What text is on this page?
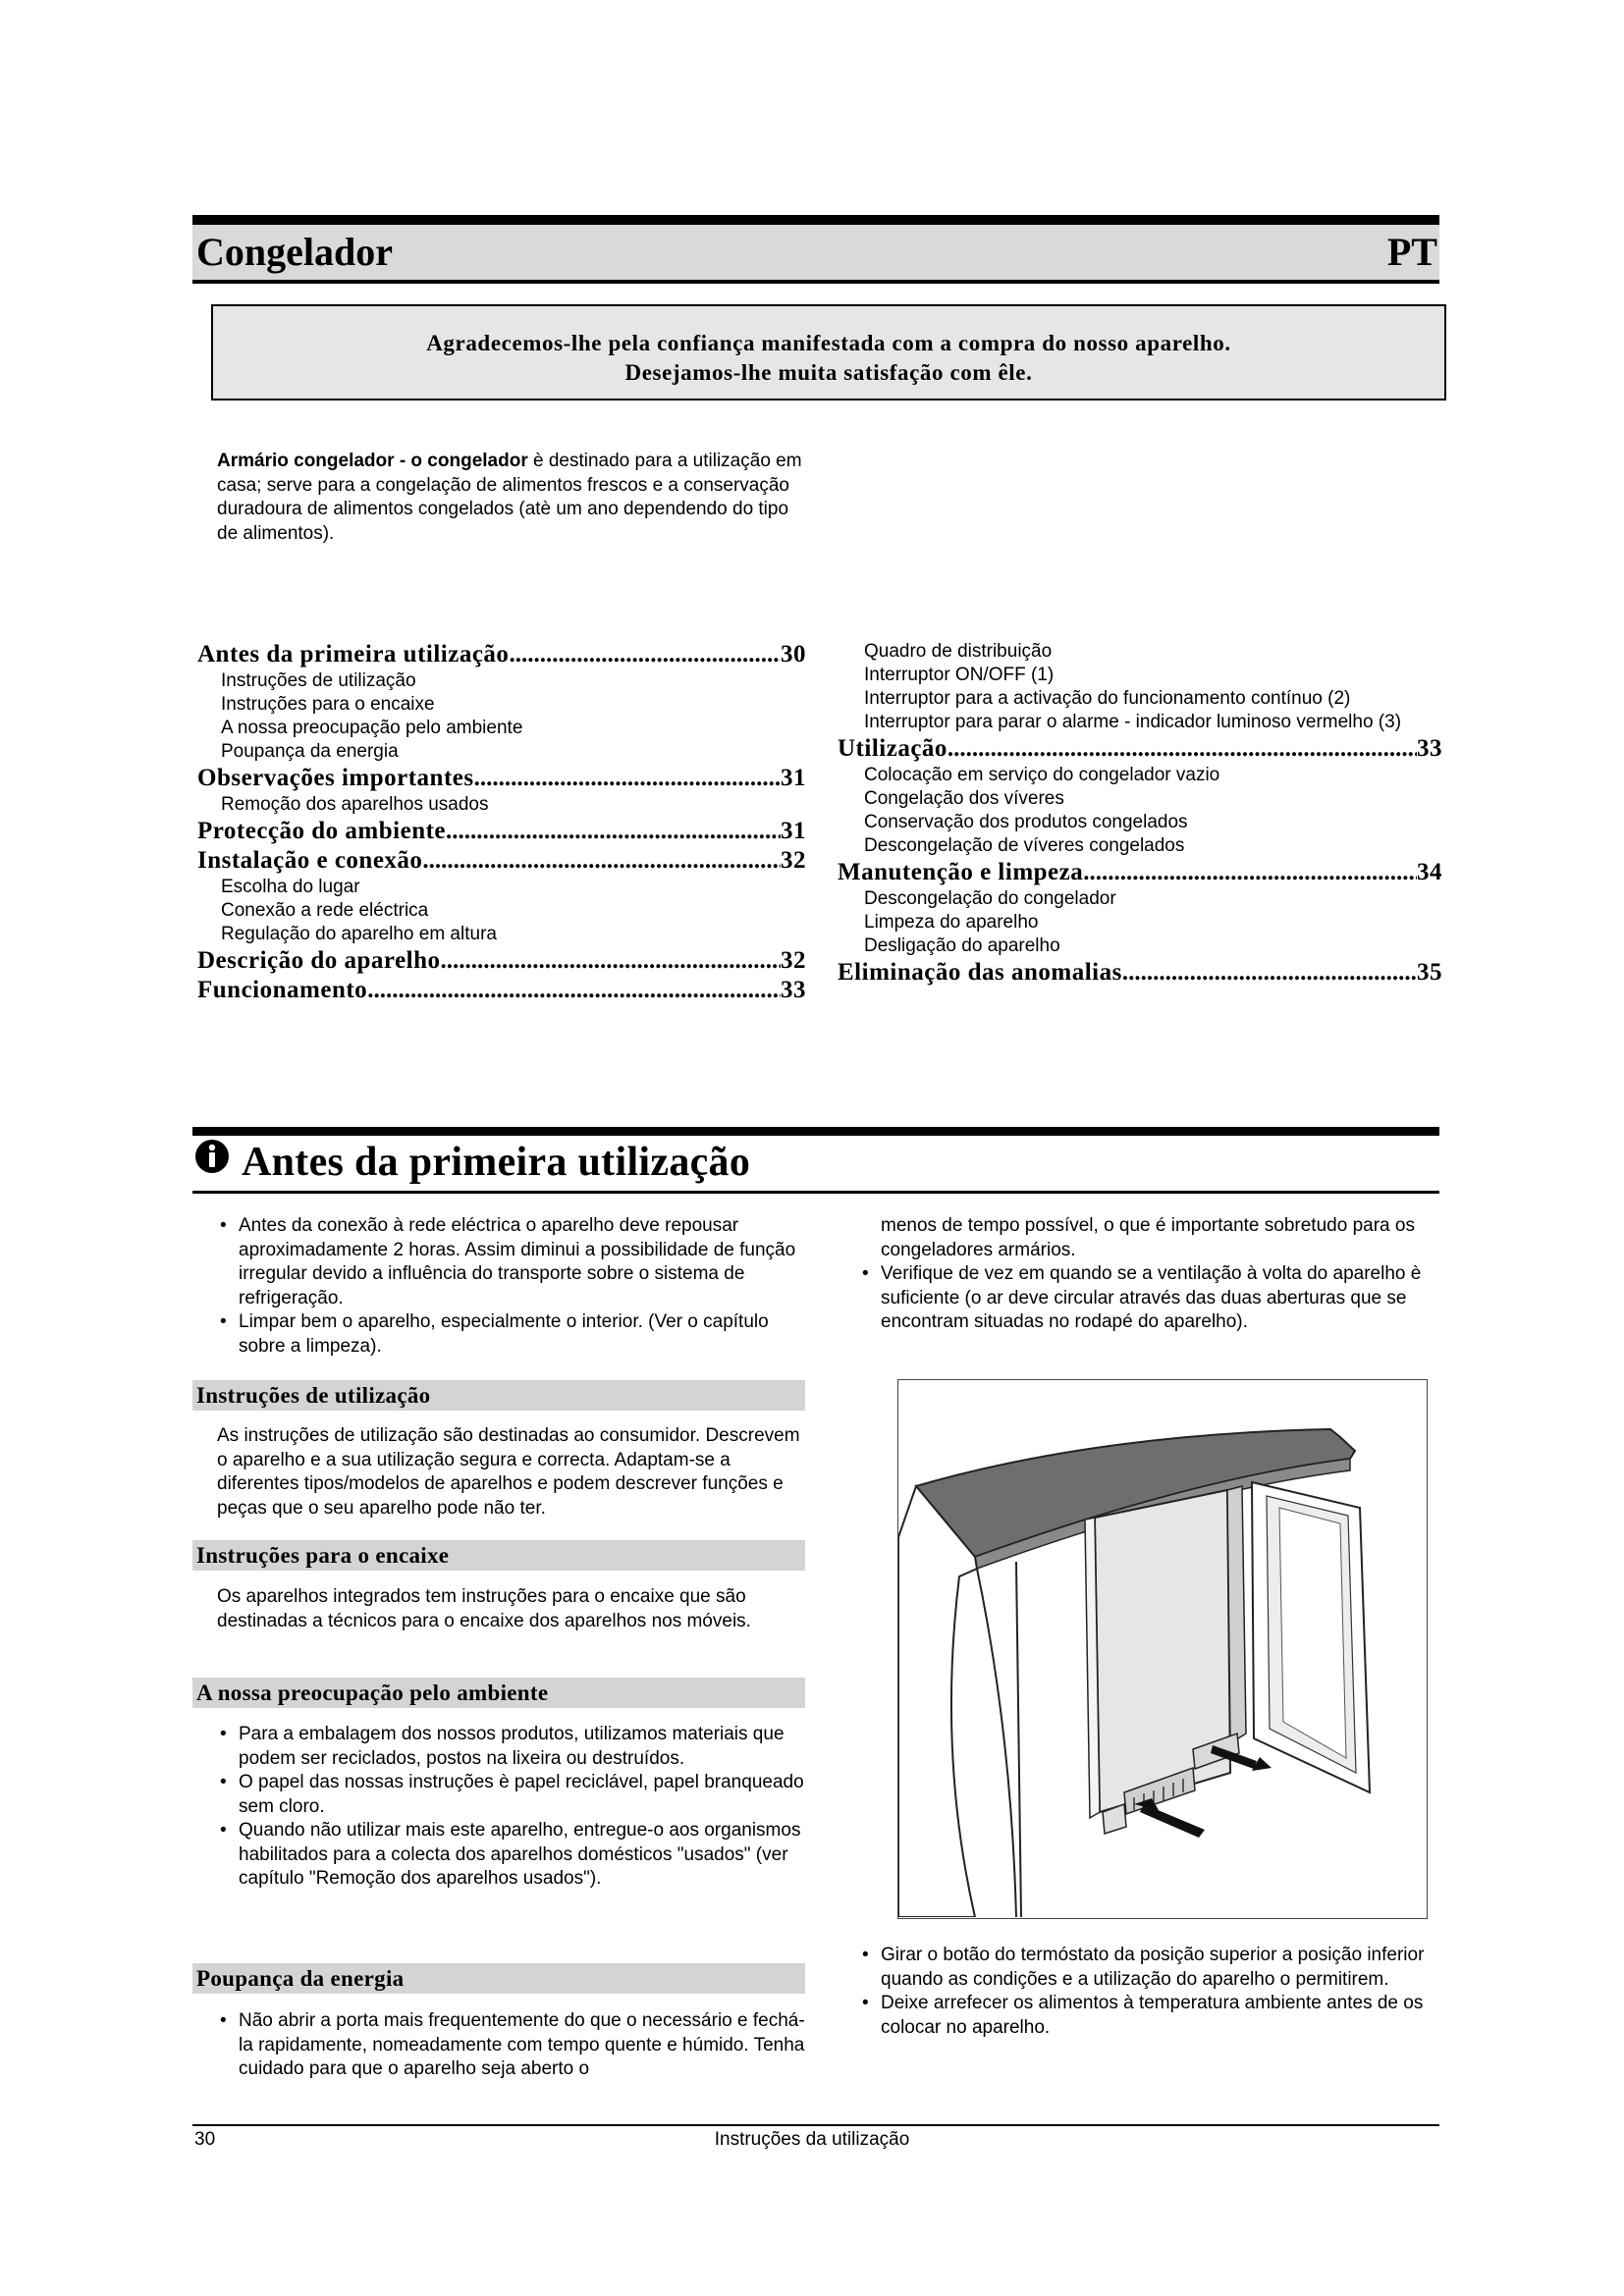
Congelador	PT
Agradecemos-lhe pela confiança manifestada com a compra do nosso aparelho.
Desejamos-lhe muita satisfação com êle.
Armário congelador - o congelador è destinado para a utilização em casa; serve para a congelação de alimentos frescos e a conservação duradoura de alimentos congelados (atè um ano dependendo do tipo de alimentos).
Antes da primeira utilização .....	30
Instruções de utilização
Instruções para o encaixe
A nossa preocupação pelo ambiente
Poupança da energia
Observações importantes .....	31
Remoção dos aparelhos usados
Protecção do ambiente .....	31
Instalação e conexão .....	32
Escolha do lugar
Conexão a rede eléctrica
Regulação do aparelho em altura
Descrição do aparelho .....	32
Funcionamento .....	33
Quadro de distribuição
Interruptor ON/OFF (1)
Interruptor para a activação do funcionamento contínuo (2)
Interruptor para parar o alarme - indicador luminoso vermelho (3)
Utilização .....	33
Colocação em serviço do congelador vazio
Congelação dos víveres
Conservação dos produtos congelados
Descongelação de víveres congelados
Manutenção e limpeza .....	34
Descongelação do congelador
Limpeza do aparelho
Desligação do aparelho
Eliminação das anomalias .....	35
Antes da primeira utilização
• Antes da conexão à rede eléctrica o aparelho deve repousar aproximadamente 2 horas. Assim diminui a possibilidade de função irregular devido a influência do transporte sobre o sistema de refrigeração.
• Limpar bem o aparelho, especialmente o interior. (Ver o capítulo sobre a limpeza).
Instruções de utilização
As instruções de utilização são destinadas ao consumidor. Descrevem o aparelho e a sua utilização segura e correcta. Adaptam-se a diferentes tipos/modelos de aparelhos e podem descrever funções e peças que o seu aparelho pode não ter.
Instruções para o encaixe
Os aparelhos integrados tem instruções para o encaixe que são destinadas a técnicos para o encaixe dos aparelhos nos móveis.
A nossa preocupação pelo ambiente
• Para a embalagem dos nossos produtos, utilizamos materiais que podem ser reciclados, postos na lixeira ou destruídos.
• O papel das nossas instruções è papel reciclável, papel branqueado sem cloro.
• Quando não utilizar mais este aparelho, entregue-o aos organismos habilitados para a colecta dos aparelhos domésticos "usados" (ver capítulo "Remoção dos aparelhos usados").
Poupança da energia
• Não abrir a porta mais frequentemente do que o necessário e fechá-la rapidamente, nomeadamente com tempo quente e húmido. Tenha cuidado para que o aparelho seja aberto o
menos de tempo possível, o que é importante sobretudo para os congeladores armários.
• Verifique de vez em quando se a ventilação à volta do aparelho è suficiente (o ar deve circular através das duas aberturas que se encontram situadas no rodapé do aparelho).
• Girar o botão do termóstato da posição superior a posição inferior quando as condições e a utilização do aparelho o permitirem.
• Deixe arrefecer os alimentos à temperatura ambiente antes de os colocar no aparelho.
30	Instruções da utilização
